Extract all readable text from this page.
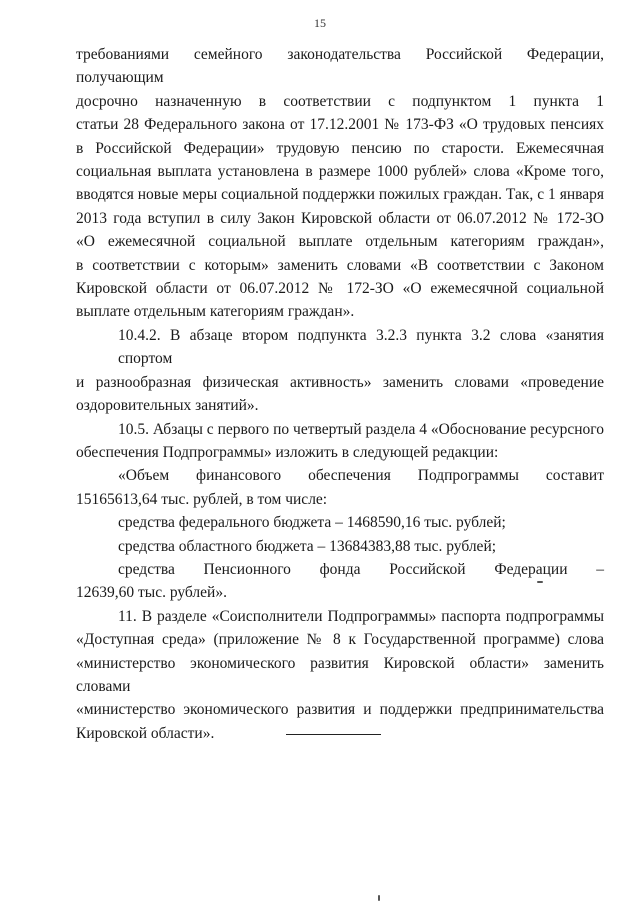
15
требованиями семейного законодательства Российской Федерации, получающим
досрочно назначенную в соответствии с подпунктом 1 пункта 1
статьи 28 Федерального закона от 17.12.2001 № 173-ФЗ «О трудовых пенсиях
в Российской Федерации» трудовую пенсию по старости. Ежемесячная
социальная выплата установлена в размере 1000 рублей» слова «Кроме того,
вводятся новые меры социальной поддержки пожилых граждан. Так, с 1 января
2013 года вступил в силу Закон Кировской области от 06.07.2012 № 172-ЗО
«О ежемесячной социальной выплате отдельным категориям граждан»,
в соответствии с которым» заменить словами «В соответствии с Законом
Кировской области от 06.07.2012 № 172-ЗО «О ежемесячной социальной
выплате отдельным категориям граждан».
10.4.2. В абзаце втором подпункта 3.2.3 пункта 3.2 слова «занятия спортом
и разнообразная физическая активность» заменить словами «проведение
оздоровительных занятий».
10.5. Абзацы с первого по четвертый раздела 4 «Обоснование ресурсного
обеспечения Подпрограммы» изложить в следующей редакции:
«Объем финансового обеспечения Подпрограммы составит
15165613,64 тыс. рублей, в том числе:
средства федерального бюджета – 1468590,16 тыс. рублей;
средства областного бюджета – 13684383,88 тыс. рублей;
средства Пенсионного фонда Российской Федерации –
12639,60 тыс. рублей».
11. В разделе «Соисполнители Подпрограммы» паспорта подпрограммы
«Доступная среда» (приложение № 8 к Государственной программе) слова
«министерство экономического развития Кировской области» заменить словами
«министерство экономического развития и поддержки предпринимательства
Кировской области».
